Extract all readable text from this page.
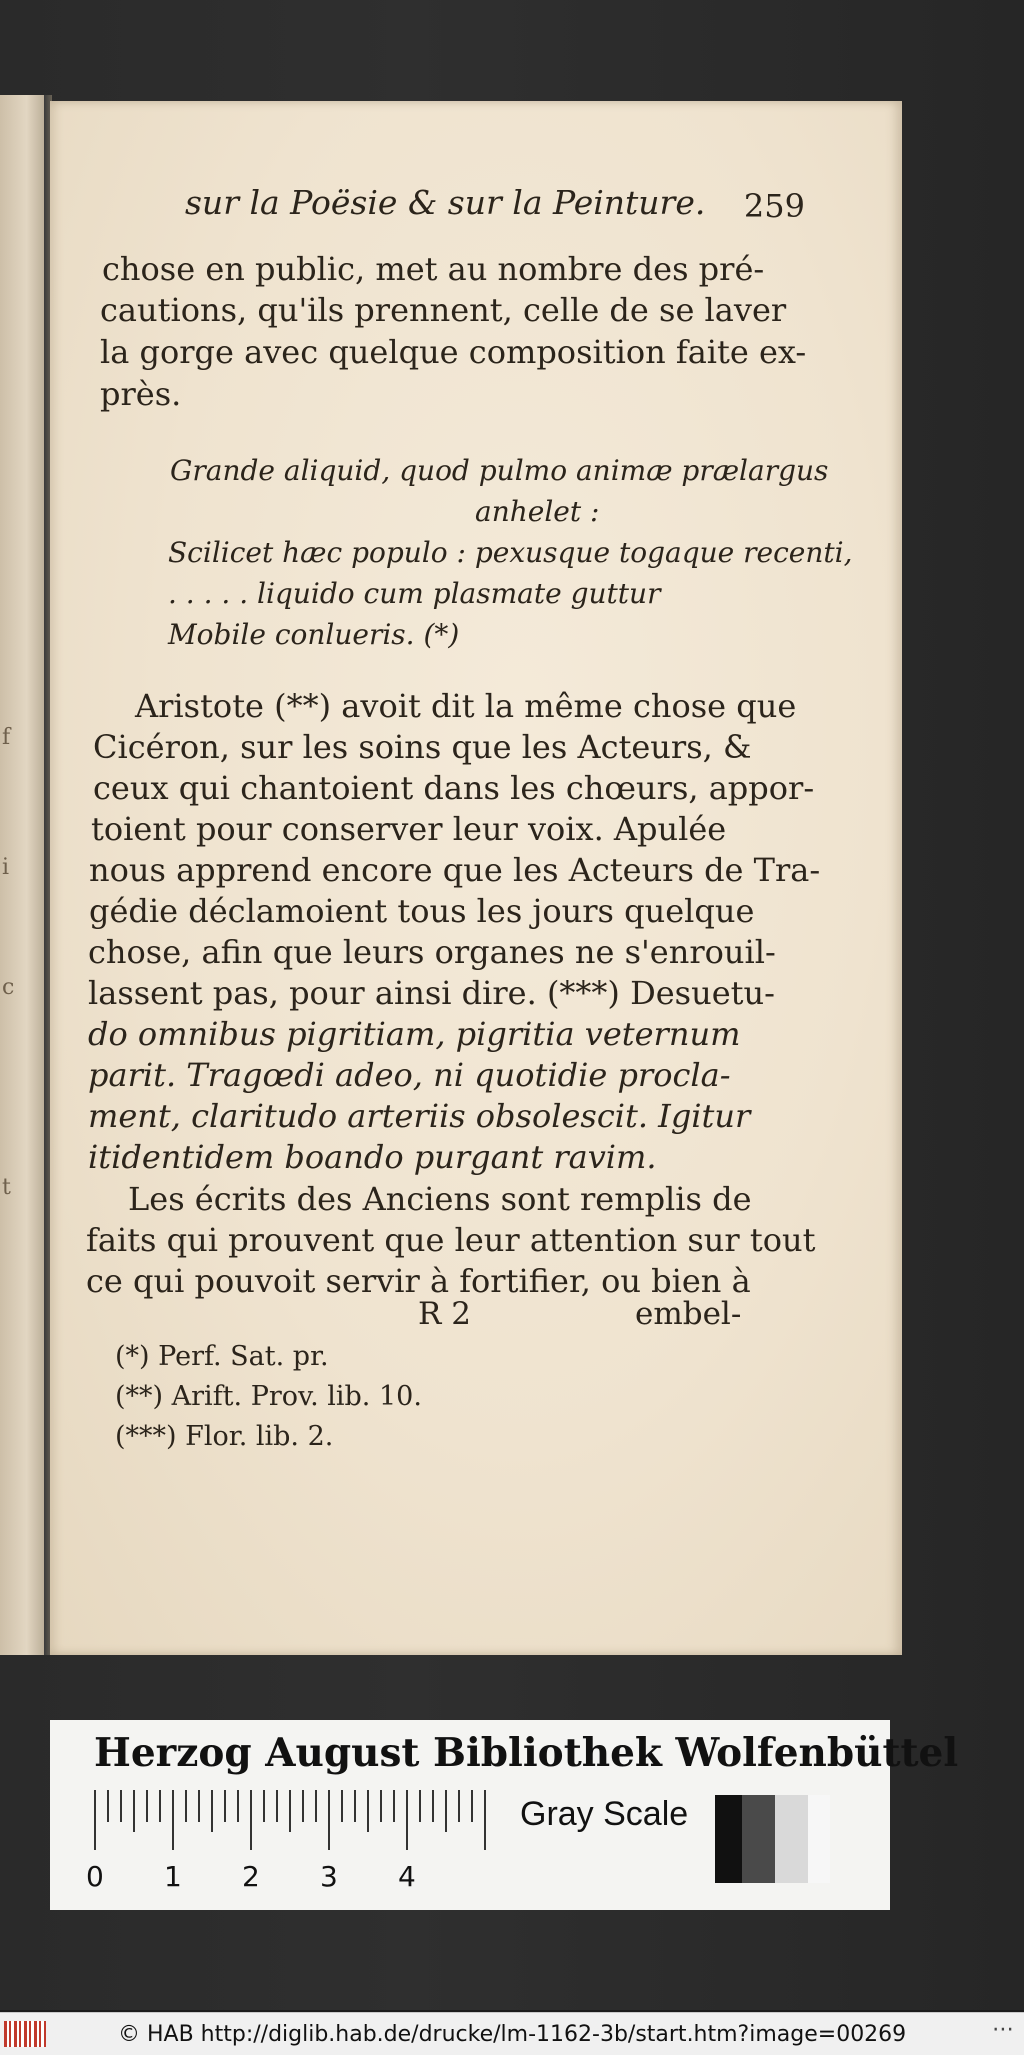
f
i
c
t
sur la Poësie & sur la Peinture. 259
chose en public, met au nombre des pré-
cautions, qu'ils prennent, celle de se laver
la gorge avec quelque composition faite ex-
près.
Grande aliquid, quod pulmo animæ prælargus
anhelet :
Scilicet hæc populo : pexusque togaque recenti,
. . . . . liquido cum plasmate guttur
Mobile conlueris. (*)
Aristote (**) avoit dit la même chose que
Cicéron, sur les soins que les Acteurs, &
ceux qui chantoient dans les chœurs, appor-
toient pour conserver leur voix. Apulée
nous apprend encore que les Acteurs de Tra-
gédie déclamoient tous les jours quelque
chose, afin que leurs organes ne s'enrouil-
lassent pas, pour ainsi dire. (***) Desuetu-
do omnibus pigritiam, pigritia veternum
parit. Tragœdi adeo, ni quotidie procla-
ment, claritudo arteriis obsolescit. Igitur
itidentidem boando purgant ravim.
Les écrits des Anciens sont remplis de
faits qui prouvent que leur attention sur tout
ce qui pouvoit servir à fortifier, ou bien à
R 2	embel-
(*) Perf. Sat. pr.
(**) Arift. Prov. lib. 10.
(***) Flor. lib. 2.
Herzog August Bibliothek Wolfenbüttel
0 1 2 3 4
Gray Scale
© HAB http://diglib.hab.de/drucke/lm-1162-3b/start.htm?image=00269	⋯
